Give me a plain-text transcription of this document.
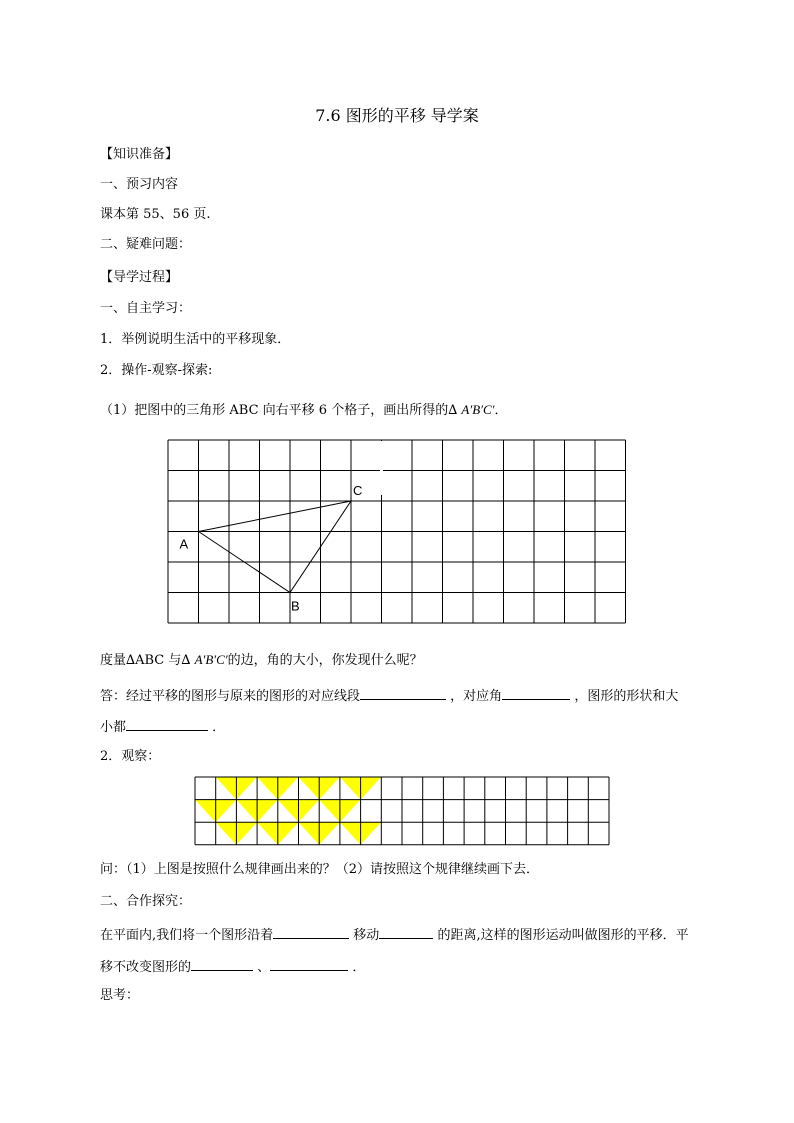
7.6 图形的平移 导学案
【知识准备】
一、预习内容
课本第 55、56 页.
二、疑难问题：
【导学过程】
一、自主学习：
1．举例说明生活中的平移现象．
2．操作-观察-探索:
（1）把图中的三角形 ABC 向右平移 6 个格子，画出所得的∆ A′B′C′．
A
B
C
度量∆ABC 与∆ A′B′C′的边，角的大小，你发现什么呢？
答：经过平移的图形与原来的图形的对应线段	，对应角	，图形的形状和大
小都	．
2．观察：
问：（1）上图是按照什么规律画出来的？（2）请按照这个规律继续画下去．
二、合作探究：
在平面内,我们将一个图形沿着	移动	的距离,这样的图形运动叫做图形的平移．平
移不改变图形的	、	．
思考：
